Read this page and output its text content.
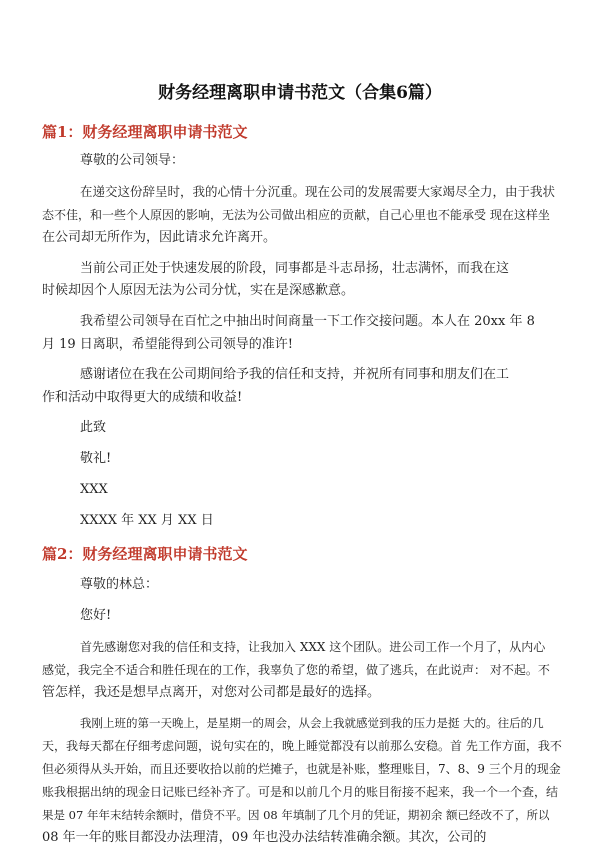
财务经理离职申请书范文（合集6篇）
篇1：财务经理离职申请书范文
尊敬的公司领导：
在递交这份辞呈时，我的心情十分沉重。现在公司的发展需要大家竭尽全力，由于我状
态不佳，和一些个人原因的影响，无法为公司做出相应的贡献，自己心里也不能承受 现在这样坐
在公司却无所作为，因此请求允许离开。
当前公司正处于快速发展的阶段，同事都是斗志昂扬，壮志满怀，而我在这
时候却因个人原因无法为公司分忧，实在是深感歉意。
我希望公司领导在百忙之中抽出时间商量一下工作交接问题。本人在 20xx 年 8
月 19 日离职，希望能得到公司领导的准许!
感谢诸位在我在公司期间给予我的信任和支持，并祝所有同事和朋友们在工
作和活动中取得更大的成绩和收益!
此致
敬礼!
XXX
XXXX 年 XX 月 XX 日
篇2：财务经理离职申请书范文
尊敬的林总：
您好!
首先感谢您对我的信任和支持，让我加入 XXX 这个团队。进公司工作一个月了，从内心
感觉，我完全不适合和胜任现在的工作，我辜负了您的希望，做了逃兵，在此说声： 对不起。不
管怎样，我还是想早点离开，对您对公司都是最好的选择。
我刚上班的第一天晚上，是星期一的周会，从会上我就感觉到我的压力是挺 大的。往后的几
天，我每天都在仔细考虑问题，说句实在的，晚上睡觉都没有以前那么安稳。首 先工作方面，我不
但必须得从头开始，而且还要收拾以前的烂摊子，也就是补账，整理账目，7、8、9 三个月的现金
账我根据出纳的现金日记账已经补齐了。可是和以前几个月的账目衔接不起来，我一个一个查，结
果是 07 年年末结转余额时，借贷不平。因 08 年填制了几个月的凭证，期初余 额已经改不了，所以
08 年一年的账目都没办法理清，09 年也没办法结转准确余额。其次，公司的
